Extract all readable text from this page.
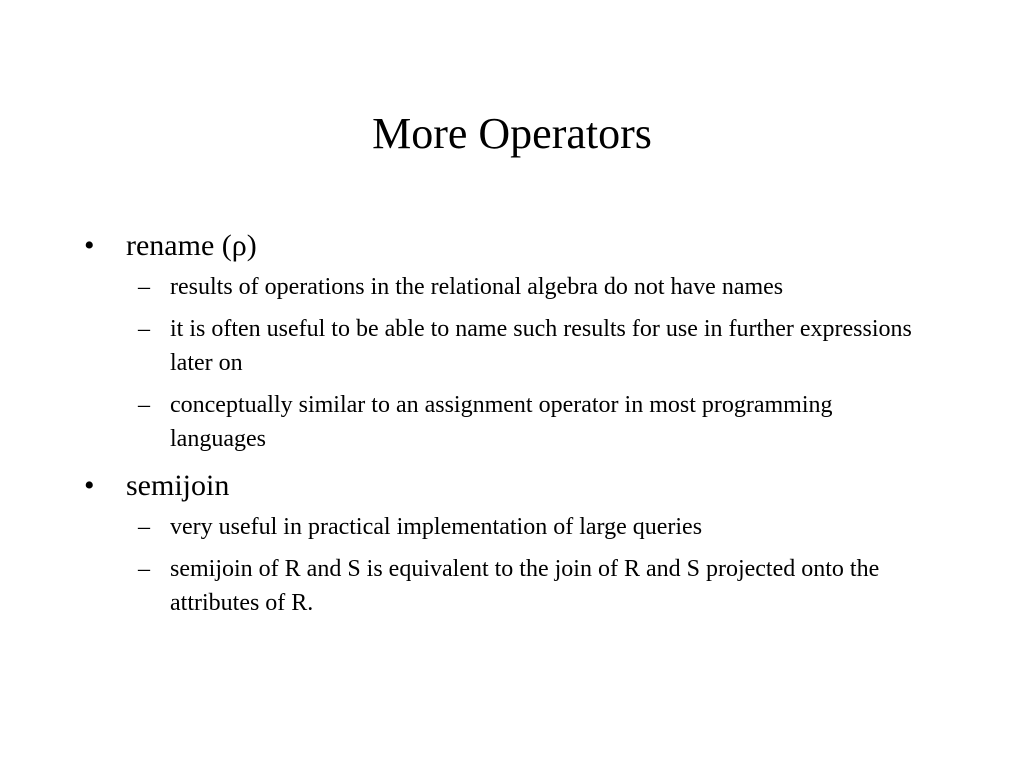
More Operators
•	rename (ρ)
– results of operations in the relational algebra do not have names
– it is often useful to be able to name such results for use in further expressions later on
– conceptually similar to an assignment operator in most programming languages
•	semijoin
– very useful in practical implementation of large queries
– semijoin of R and S is equivalent to the join of R and S projected onto the attributes of R.
